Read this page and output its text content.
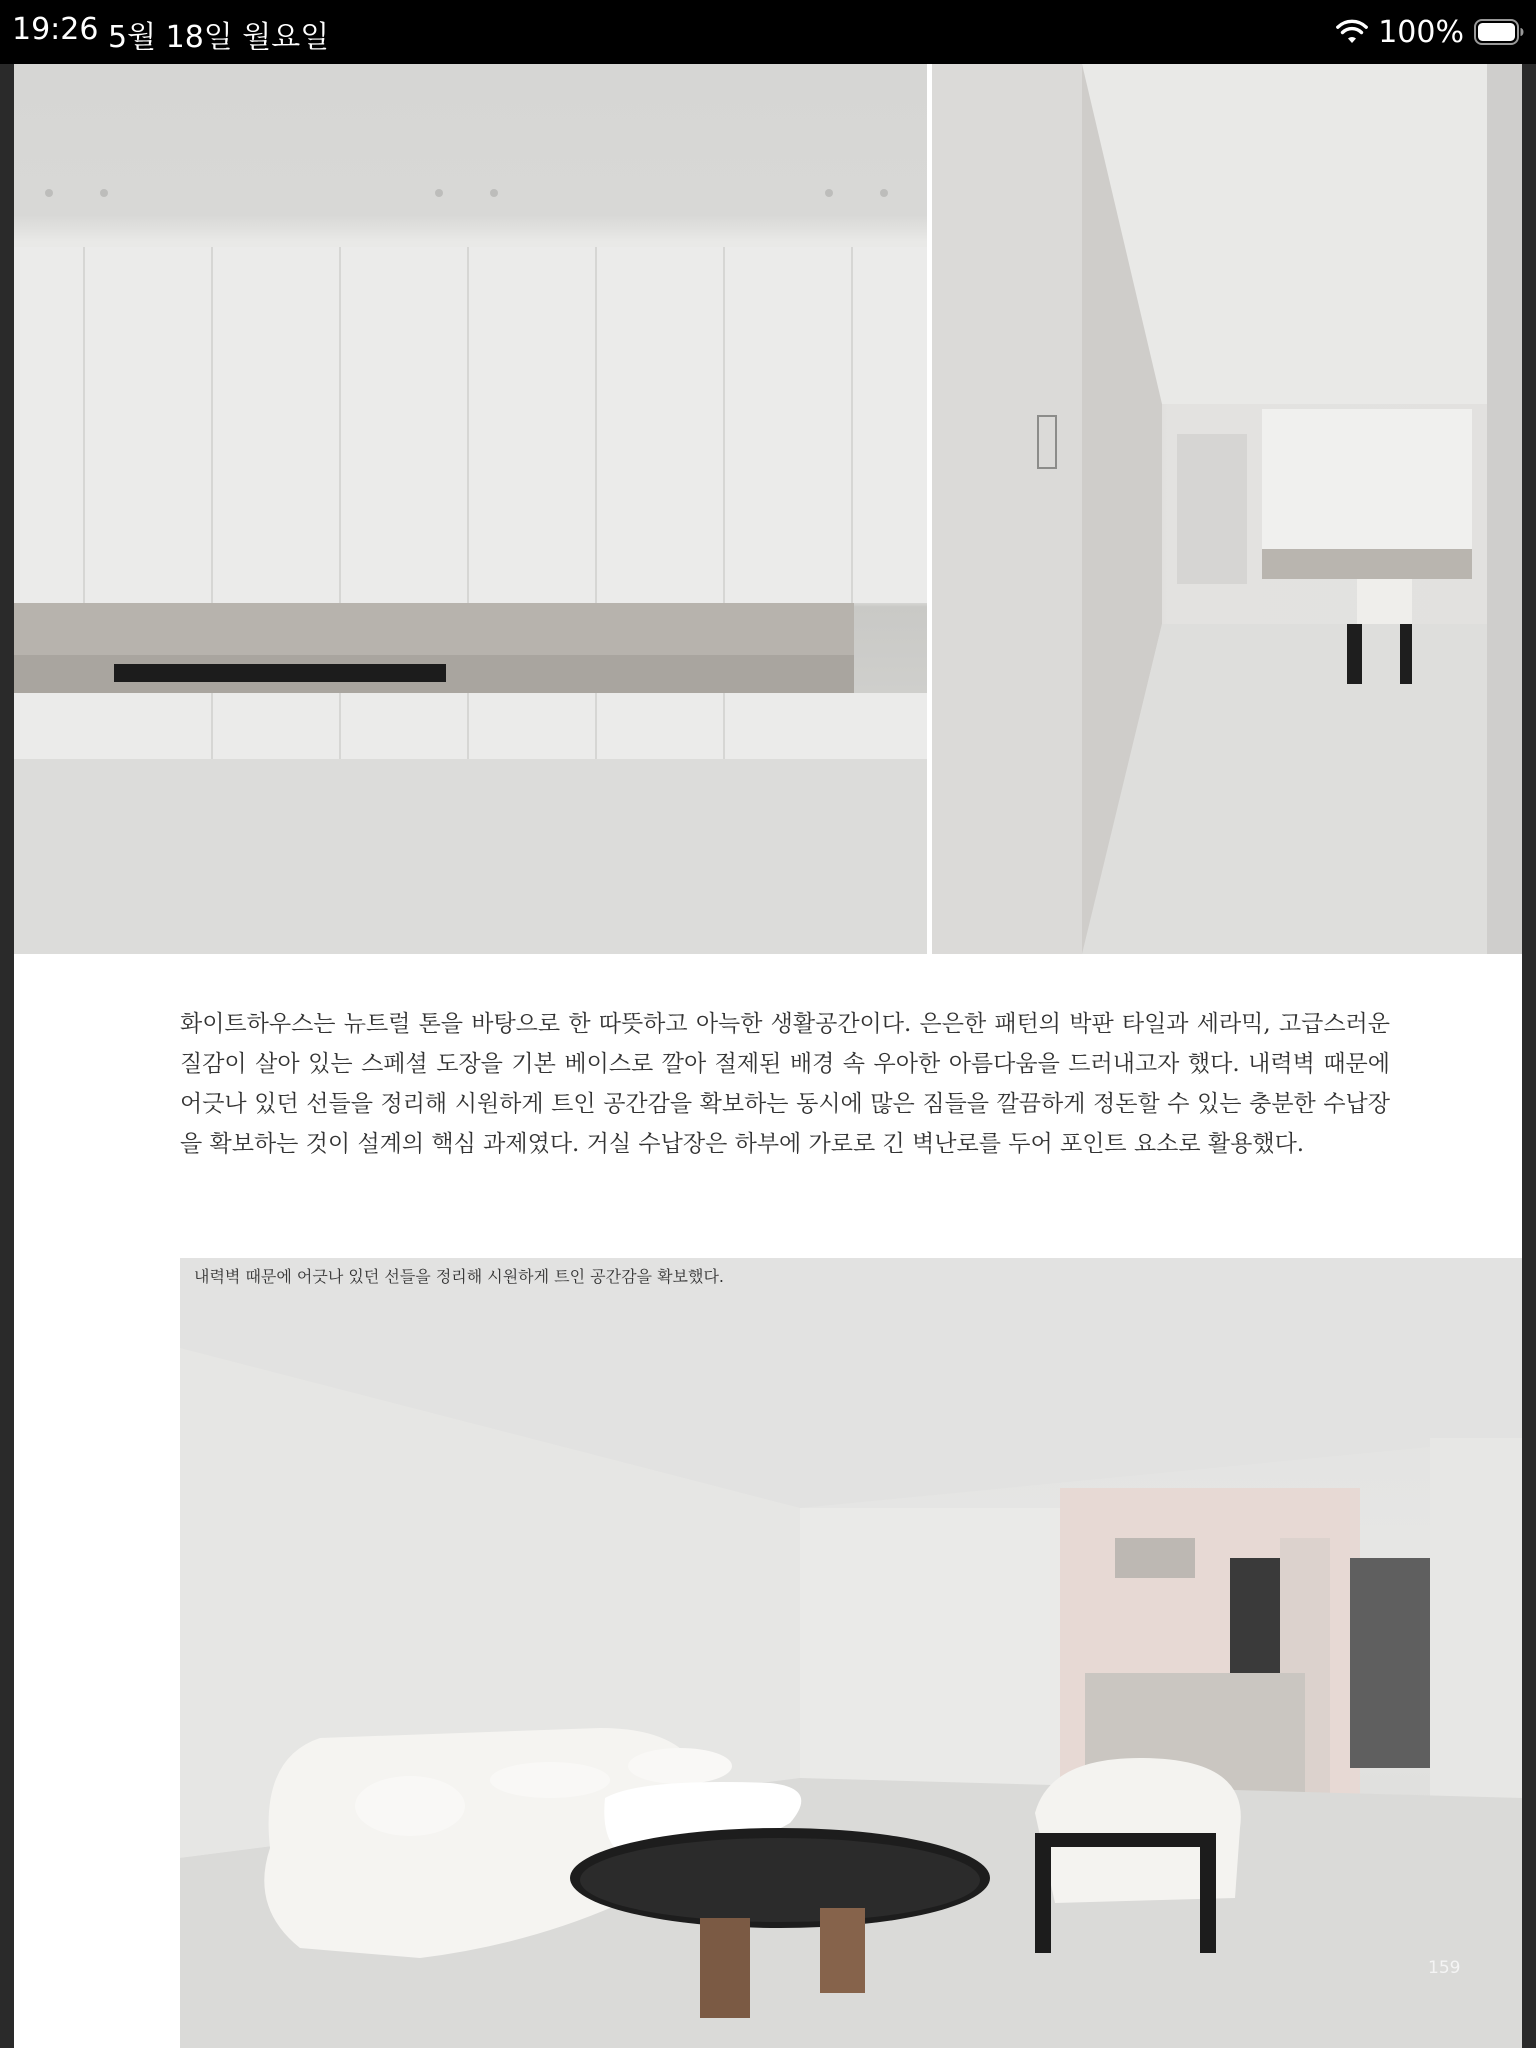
19:26 5월 18일 월요일	100%

화이트하우스는 뉴트럴 톤을 바탕으로 한 따뜻하고 아늑한 생활공간이다. 은은한 패턴의 박판 타일과 세라믹, 고급스러운 질감이 살아 있는 스페셜 도장을 기본 베이스로 깔아 절제된 배경 속 우아한 아름다움을 드러내고자 했다. 내력벽 때문에 어긋나 있던 선들을 정리해 시원하게 트인 공간감을 확보하는 동시에 많은 짐들을 깔끔하게 정돈할 수 있는 충분한 수납장을 확보하는 것이 설계의 핵심 과제였다. 거실 수납장은 하부에 가로로 긴 벽난로를 두어 포인트 요소로 활용했다.

내력벽 때문에 어긋나 있던 선들을 정리해 시원하게 트인 공간감을 확보했다.
159
